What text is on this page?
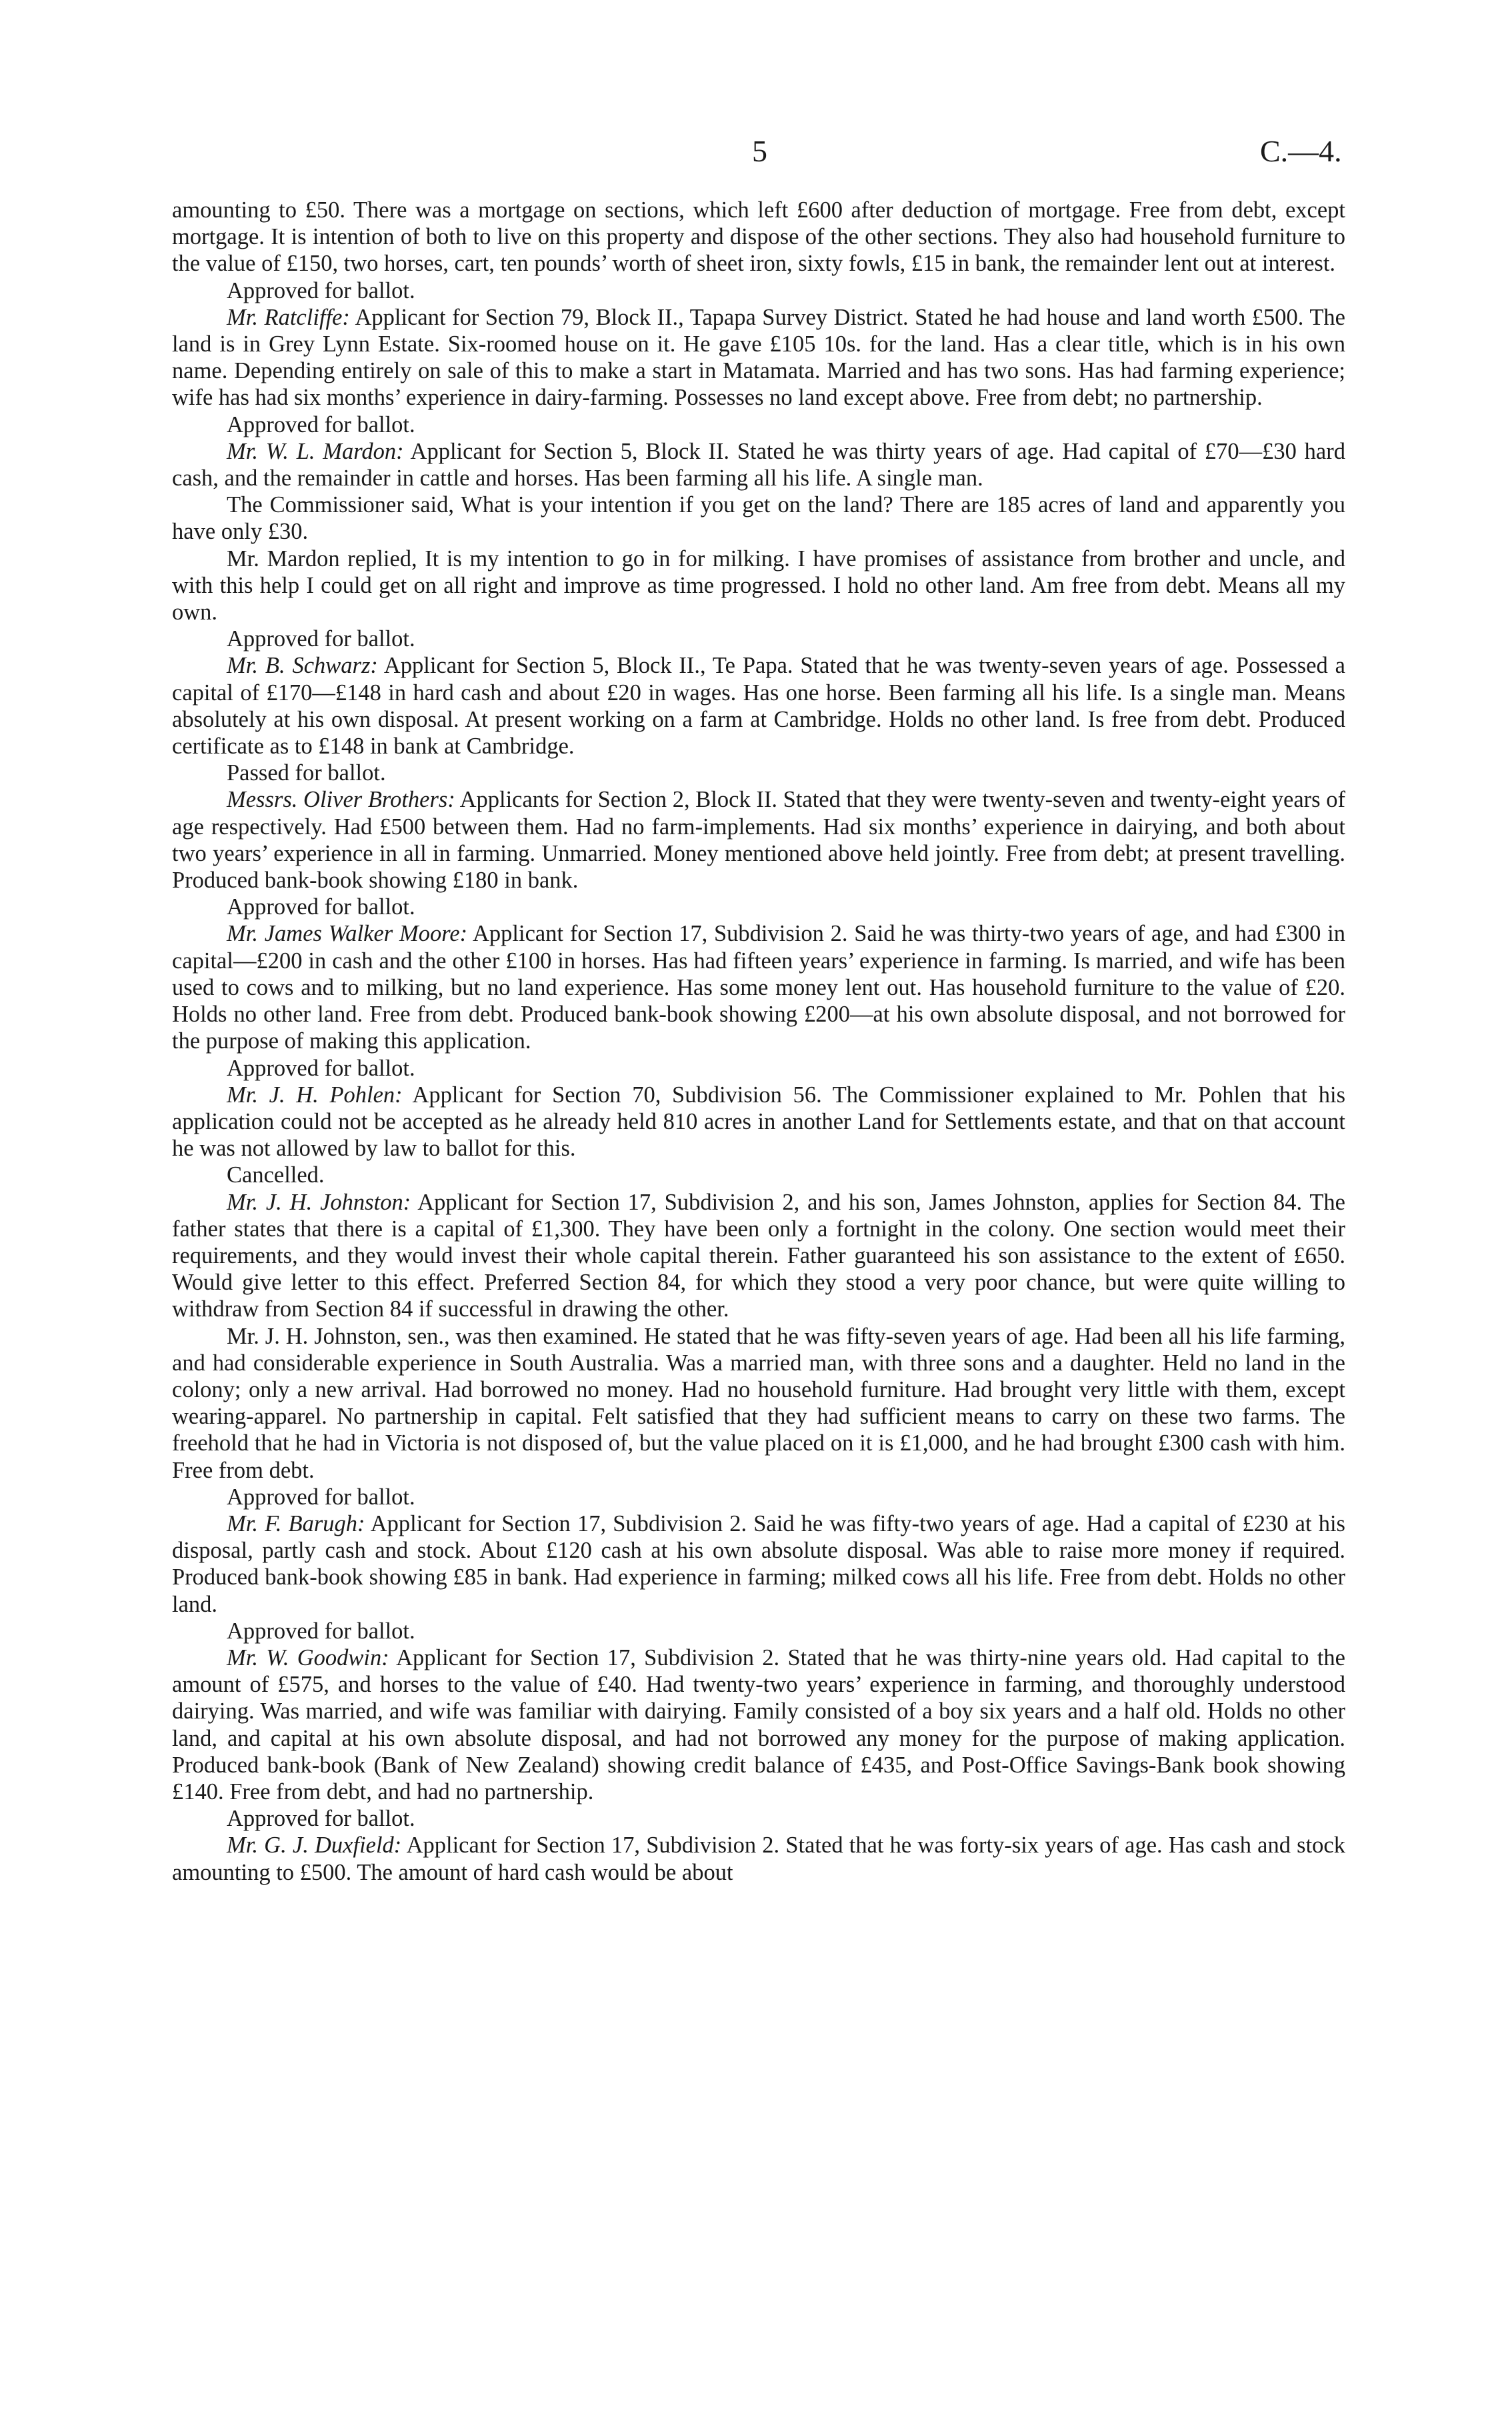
5	C.—4.

amounting to £50. There was a mortgage on sections, which left £600 after deduction of mortgage. Free from debt, except mortgage. It is intention of both to live on this property and dispose of the other sections. They also had household furniture to the value of £150, two horses, cart, ten pounds’ worth of sheet iron, sixty fowls, £15 in bank, the remainder lent out at interest.

Approved for ballot.

Mr. Ratcliffe: Applicant for Section 79, Block II., Tapapa Survey District. Stated he had house and land worth £500. The land is in Grey Lynn Estate. Six-roomed house on it. He gave £105 10s. for the land. Has a clear title, which is in his own name. Depending entirely on sale of this to make a start in Matamata. Married and has two sons. Has had farming experience; wife has had six months’ experience in dairy-farming. Possesses no land except above. Free from debt; no partnership.

Approved for ballot.

Mr. W. L. Mardon: Applicant for Section 5, Block II. Stated he was thirty years of age. Had capital of £70—£30 hard cash, and the remainder in cattle and horses. Has been farming all his life. A single man.

The Commissioner said, What is your intention if you get on the land? There are 185 acres of land and apparently you have only £30.

Mr. Mardon replied, It is my intention to go in for milking. I have promises of assistance from brother and uncle, and with this help I could get on all right and improve as time progressed. I hold no other land. Am free from debt. Means all my own.

Approved for ballot.

Mr. B. Schwarz: Applicant for Section 5, Block II., Te Papa. Stated that he was twenty-seven years of age. Possessed a capital of £170—£148 in hard cash and about £20 in wages. Has one horse. Been farming all his life. Is a single man. Means absolutely at his own disposal. At present working on a farm at Cambridge. Holds no other land. Is free from debt. Produced certificate as to £148 in bank at Cambridge.

Passed for ballot.

Messrs. Oliver Brothers: Applicants for Section 2, Block II. Stated that they were twenty-seven and twenty-eight years of age respectively. Had £500 between them. Had no farm-implements. Had six months’ experience in dairying, and both about two years’ experience in all in farming. Unmarried. Money mentioned above held jointly. Free from debt; at present travelling. Produced bank-book showing £180 in bank.

Approved for ballot.

Mr. James Walker Moore: Applicant for Section 17, Subdivision 2. Said he was thirty-two years of age, and had £300 in capital—£200 in cash and the other £100 in horses. Has had fifteen years’ experience in farming. Is married, and wife has been used to cows and to milking, but no land experience. Has some money lent out. Has household furniture to the value of £20. Holds no other land. Free from debt. Produced bank-book showing £200—at his own absolute disposal, and not borrowed for the purpose of making this application.

Approved for ballot.

Mr. J. H. Pohlen: Applicant for Section 70, Subdivision 56. The Commissioner explained to Mr. Pohlen that his application could not be accepted as he already held 810 acres in another Land for Settlements estate, and that on that account he was not allowed by law to ballot for this.

Cancelled.

Mr. J. H. Johnston: Applicant for Section 17, Subdivision 2, and his son, James Johnston, applies for Section 84. The father states that there is a capital of £1,300. They have been only a fortnight in the colony. One section would meet their requirements, and they would invest their whole capital therein. Father guaranteed his son assistance to the extent of £650. Would give letter to this effect. Preferred Section 84, for which they stood a very poor chance, but were quite willing to withdraw from Section 84 if successful in drawing the other.

Mr. J. H. Johnston, sen., was then examined. He stated that he was fifty-seven years of age. Had been all his life farming, and had considerable experience in South Australia. Was a married man, with three sons and a daughter. Held no land in the colony; only a new arrival. Had borrowed no money. Had no household furniture. Had brought very little with them, except wearing-apparel. No partnership in capital. Felt satisfied that they had sufficient means to carry on these two farms. The freehold that he had in Victoria is not disposed of, but the value placed on it is £1,000, and he had brought £300 cash with him. Free from debt.

Approved for ballot.

Mr. F. Barugh: Applicant for Section 17, Subdivision 2. Said he was fifty-two years of age. Had a capital of £230 at his disposal, partly cash and stock. About £120 cash at his own absolute disposal. Was able to raise more money if required. Produced bank-book showing £85 in bank. Had experience in farming; milked cows all his life. Free from debt. Holds no other land.

Approved for ballot.

Mr. W. Goodwin: Applicant for Section 17, Subdivision 2. Stated that he was thirty-nine years old. Had capital to the amount of £575, and horses to the value of £40. Had twenty-two years’ experience in farming, and thoroughly understood dairying. Was married, and wife was familiar with dairying. Family consisted of a boy six years and a half old. Holds no other land, and capital at his own absolute disposal, and had not borrowed any money for the purpose of making application. Produced bank-book (Bank of New Zealand) showing credit balance of £435, and Post-Office Savings-Bank book showing £140. Free from debt, and had no partnership.

Approved for ballot.

Mr. G. J. Duxfield: Applicant for Section 17, Subdivision 2. Stated that he was forty-six years of age. Has cash and stock amounting to £500. The amount of hard cash would be about
